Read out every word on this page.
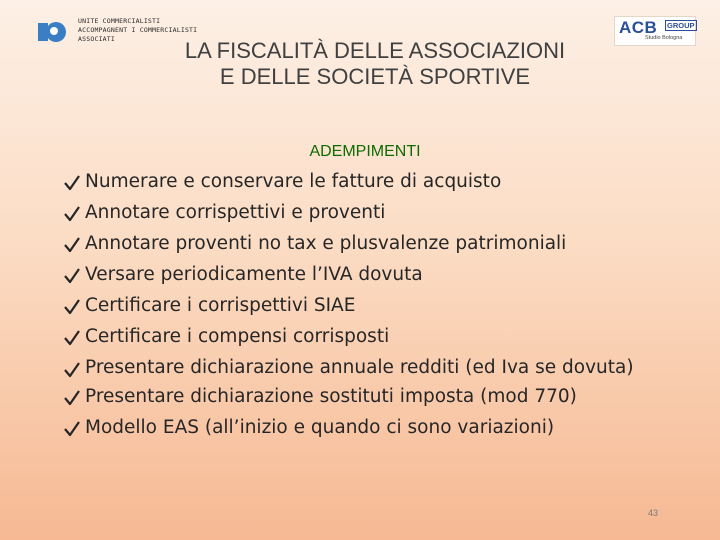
UNITE COMMERCIALISTI
ACCOMPAGNENT I COMMERCIALISTI
ASSOCIATI
ACB GROUP
Studio Bologna
LA FISCALITÀ DELLE ASSOCIAZIONI
E DELLE SOCIETÀ SPORTIVE
ADEMPIMENTI
Numerare e conservare le fatture di acquisto
Annotare corrispettivi e proventi
Annotare proventi no tax e plusvalenze patrimoniali
Versare periodicamente l’IVA dovuta
Certificare i corrispettivi SIAE
Certificare i compensi corrisposti
Presentare dichiarazione annuale redditi (ed Iva se dovuta)
Presentare dichiarazione sostituti imposta (mod 770)
Modello EAS (all’inizio e quando ci sono variazioni)
43
